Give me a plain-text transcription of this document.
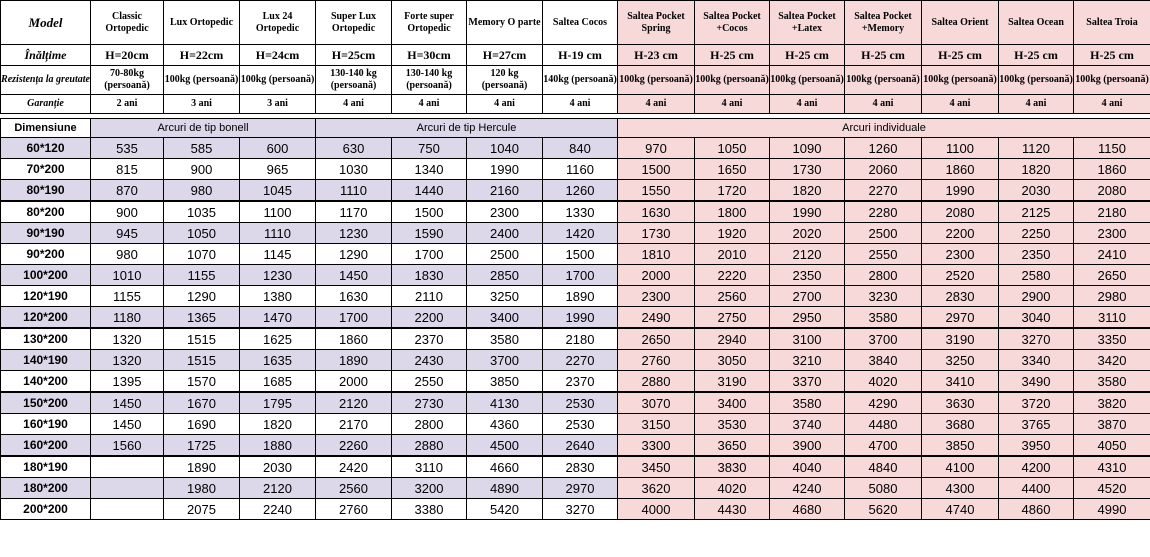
Model	Classic Ortopedic	Lux Ortopedic	Lux 24 Ortopedic	Super Lux Ortopedic	Forte super Ortopedic	Memory O parte	Saltea Cocos	Saltea Pocket Spring	Saltea Pocket +Cocos	Saltea Pocket +Latex	Saltea Pocket +Memory	Saltea Orient	Saltea Ocean	Saltea Troia
Înălțime	H=20cm	H=22cm	H=24cm	H=25cm	H=30cm	H=27cm	H-19 cm	H-23 cm	H-25 cm	H-25 cm	H-25 cm	H-25 cm	H-25 cm	H-25 cm
Rezistența la greutate	70-80kg (persoană)	100kg (persoană)	100kg (persoană)	130-140 kg (persoană)	130-140 kg (persoană)	120 kg (persoană)	140kg (persoană)	100kg (persoană)	100kg (persoană)	100kg (persoană)	100kg (persoană)	100kg (persoană)	100kg (persoană)	100kg (persoană)
Garanție	2 ani	3 ani	3 ani	4 ani	4 ani	4 ani	4 ani	4 ani	4 ani	4 ani	4 ani	4 ani	4 ani	4 ani

Dimensiune	Arcuri de tip bonell			Arcuri de tip Hercule				Arcuri individuale						
60*120	535	585	600	630	750	1040	840	970	1050	1090	1260	1100	1120	1150
70*200	815	900	965	1030	1340	1990	1160	1500	1650	1730	2060	1860	1820	1860
80*190	870	980	1045	1110	1440	2160	1260	1550	1720	1820	2270	1990	2030	2080
80*200	900	1035	1100	1170	1500	2300	1330	1630	1800	1990	2280	2080	2125	2180
90*190	945	1050	1110	1230	1590	2400	1420	1730	1920	2020	2500	2200	2250	2300
90*200	980	1070	1145	1290	1700	2500	1500	1810	2010	2120	2550	2300	2350	2410
100*200	1010	1155	1230	1450	1830	2850	1700	2000	2220	2350	2800	2520	2580	2650
120*190	1155	1290	1380	1630	2110	3250	1890	2300	2560	2700	3230	2830	2900	2980
120*200	1180	1365	1470	1700	2200	3400	1990	2490	2750	2950	3580	2970	3040	3110
130*200	1320	1515	1625	1860	2370	3580	2180	2650	2940	3100	3700	3190	3270	3350
140*190	1320	1515	1635	1890	2430	3700	2270	2760	3050	3210	3840	3250	3340	3420
140*200	1395	1570	1685	2000	2550	3850	2370	2880	3190	3370	4020	3410	3490	3580
150*200	1450	1670	1795	2120	2730	4130	2530	3070	3400	3580	4290	3630	3720	3820
160*190	1450	1690	1820	2170	2800	4360	2530	3150	3530	3740	4480	3680	3765	3870
160*200	1560	1725	1880	2260	2880	4500	2640	3300	3650	3900	4700	3850	3950	4050
180*190		1890	2030	2420	3110	4660	2830	3450	3830	4040	4840	4100	4200	4310
180*200		1980	2120	2560	3200	4890	2970	3620	4020	4240	5080	4300	4400	4520
200*200		2075	2240	2760	3380	5420	3270	4000	4430	4680	5620	4740	4860	4990
